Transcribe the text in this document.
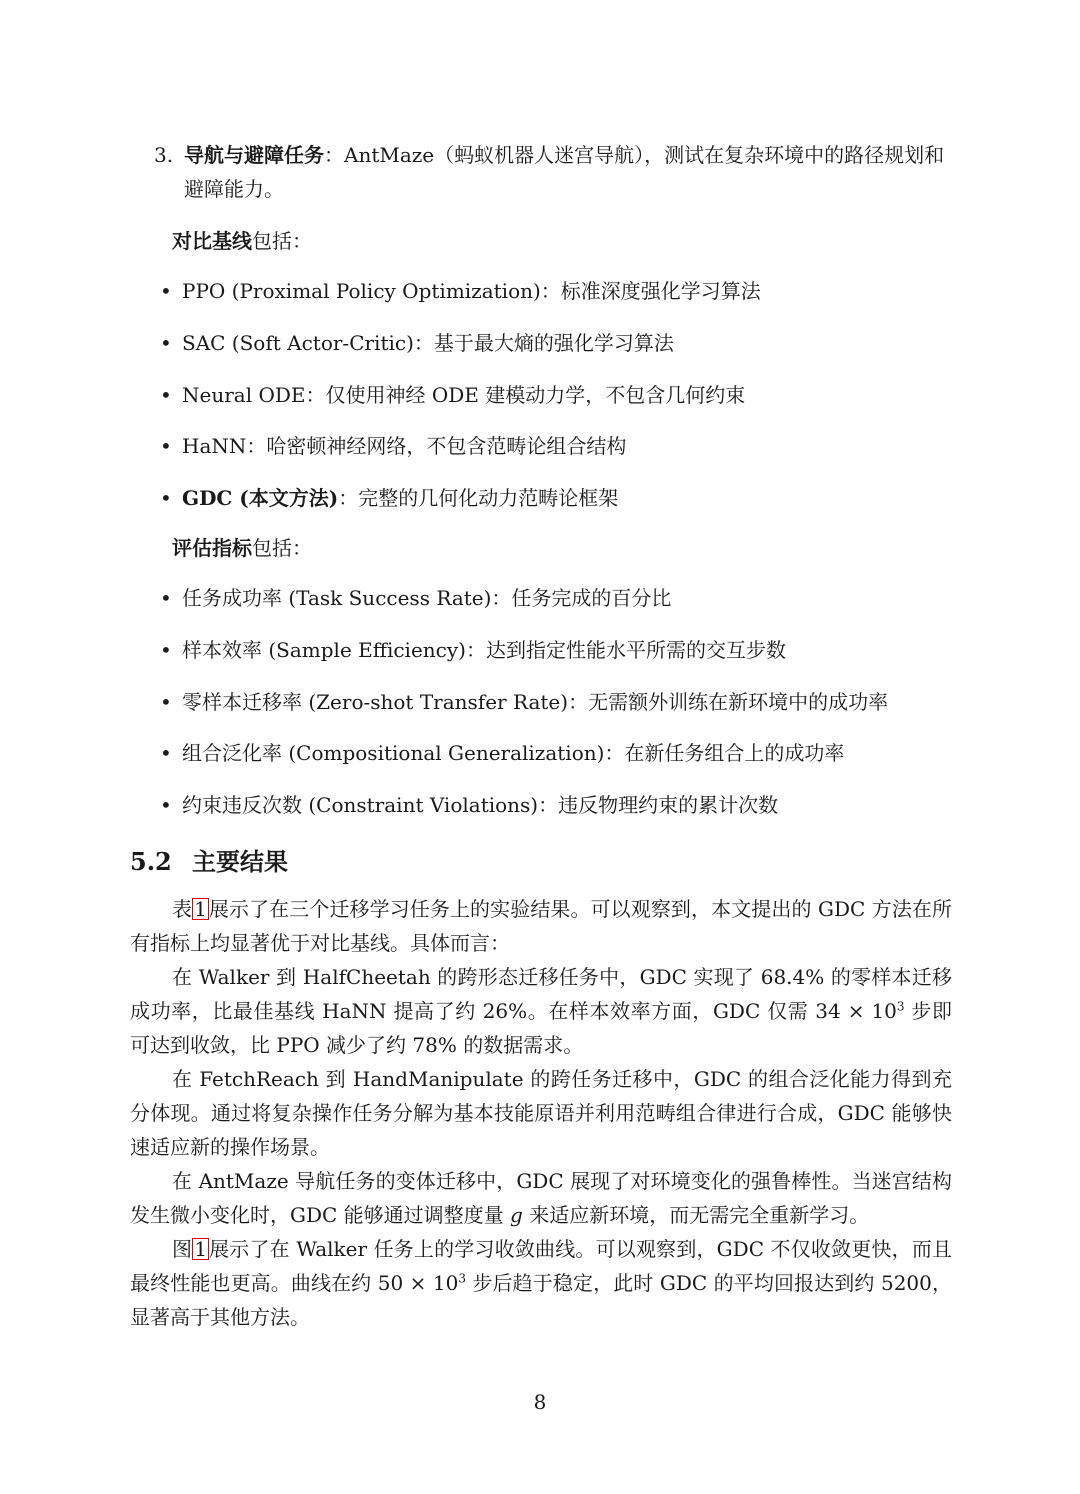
3. 导航与避障任务：AntMaze（蚂蚁机器人迷宫导航），测试在复杂环境中的路径规划和避障能力。
对比基线包括：
• PPO (Proximal Policy Optimization)：标准深度强化学习算法
• SAC (Soft Actor-Critic)：基于最大熵的强化学习算法
• Neural ODE：仅使用神经 ODE 建模动力学，不包含几何约束
• HaNN：哈密顿神经网络，不包含范畴论组合结构
• GDC (本文方法)：完整的几何化动力范畴论框架
评估指标包括：
• 任务成功率 (Task Success Rate)：任务完成的百分比
• 样本效率 (Sample Efficiency)：达到指定性能水平所需的交互步数
• 零样本迁移率 (Zero-shot Transfer Rate)：无需额外训练在新环境中的成功率
• 组合泛化率 (Compositional Generalization)：在新任务组合上的成功率
• 约束违反次数 (Constraint Violations)：违反物理约束的累计次数
5.2 主要结果

表 1 展示了在三个迁移学习任务上的实验结果。可以观察到，本文提出的 GDC 方法在所有指标上均显著优于对比基线。具体而言：

在 Walker 到 HalfCheetah 的跨形态迁移任务中，GDC 实现了 68.4% 的零样本迁移成功率，比最佳基线 HaNN 提高了约 26%。在样本效率方面，GDC 仅需 $34 \times 10^3$ 步即可达到收敛，比 PPO 减少了约 78% 的数据需求。

在 FetchReach 到 HandManipulate 的跨任务迁移中，GDC 的组合泛化能力得到充分体现。通过将复杂操作任务分解为基本技能原语并利用范畴组合律进行合成，GDC 能够快速适应新的操作场景。

在 AntMaze 导航任务的变体迁移中，GDC 展现了对环境变化的强鲁棒性。当迷宫结构发生微小变化时，GDC 能够通过调整度量 g 来适应新环境，而无需完全重新学习。

图 1 展示了在 Walker 任务上的学习收敛曲线。可以观察到，GDC 不仅收敛更快，而且最终性能也更高。曲线在约 $50 \times 10^3$ 步后趋于稳定，此时 GDC 的平均回报达到约 5200，显著高于其他方法。

8
